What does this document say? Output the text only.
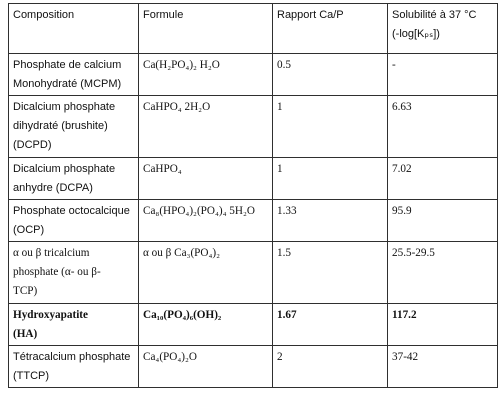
Composition	Formule	Rapport Ca/P	Solubilité à 37 °C
(-log[Kₚₛ])

Phosphate de calcium
Monohydraté (MCPM)	Ca(H₂PO₄)₂ H₂O	0.5	-

Dicalcium phosphate
dihydraté (brushite)
(DCPD)	CaHPO₄ 2H₂O	1	6.63

Dicalcium phosphate
anhydre (DCPA)	CaHPO₄	1	7.02

Phosphate octocalcique
(OCP)	Ca₈(HPO₄)₂(PO₄)₄ 5H₂O	1.33	95.9

α ou β tricalcium
phosphate (α- ou β-
TCP)	α ou β Ca₃(PO₄)₂	1.5	25.5-29.5

Hydroxyapatite
(HA)	Ca₁₀(PO₄)₆(OH)₂	1.67	117.2

Tétracalcium phosphate
(TTCP)	Ca₄(PO₄)₂O	2	37-42
